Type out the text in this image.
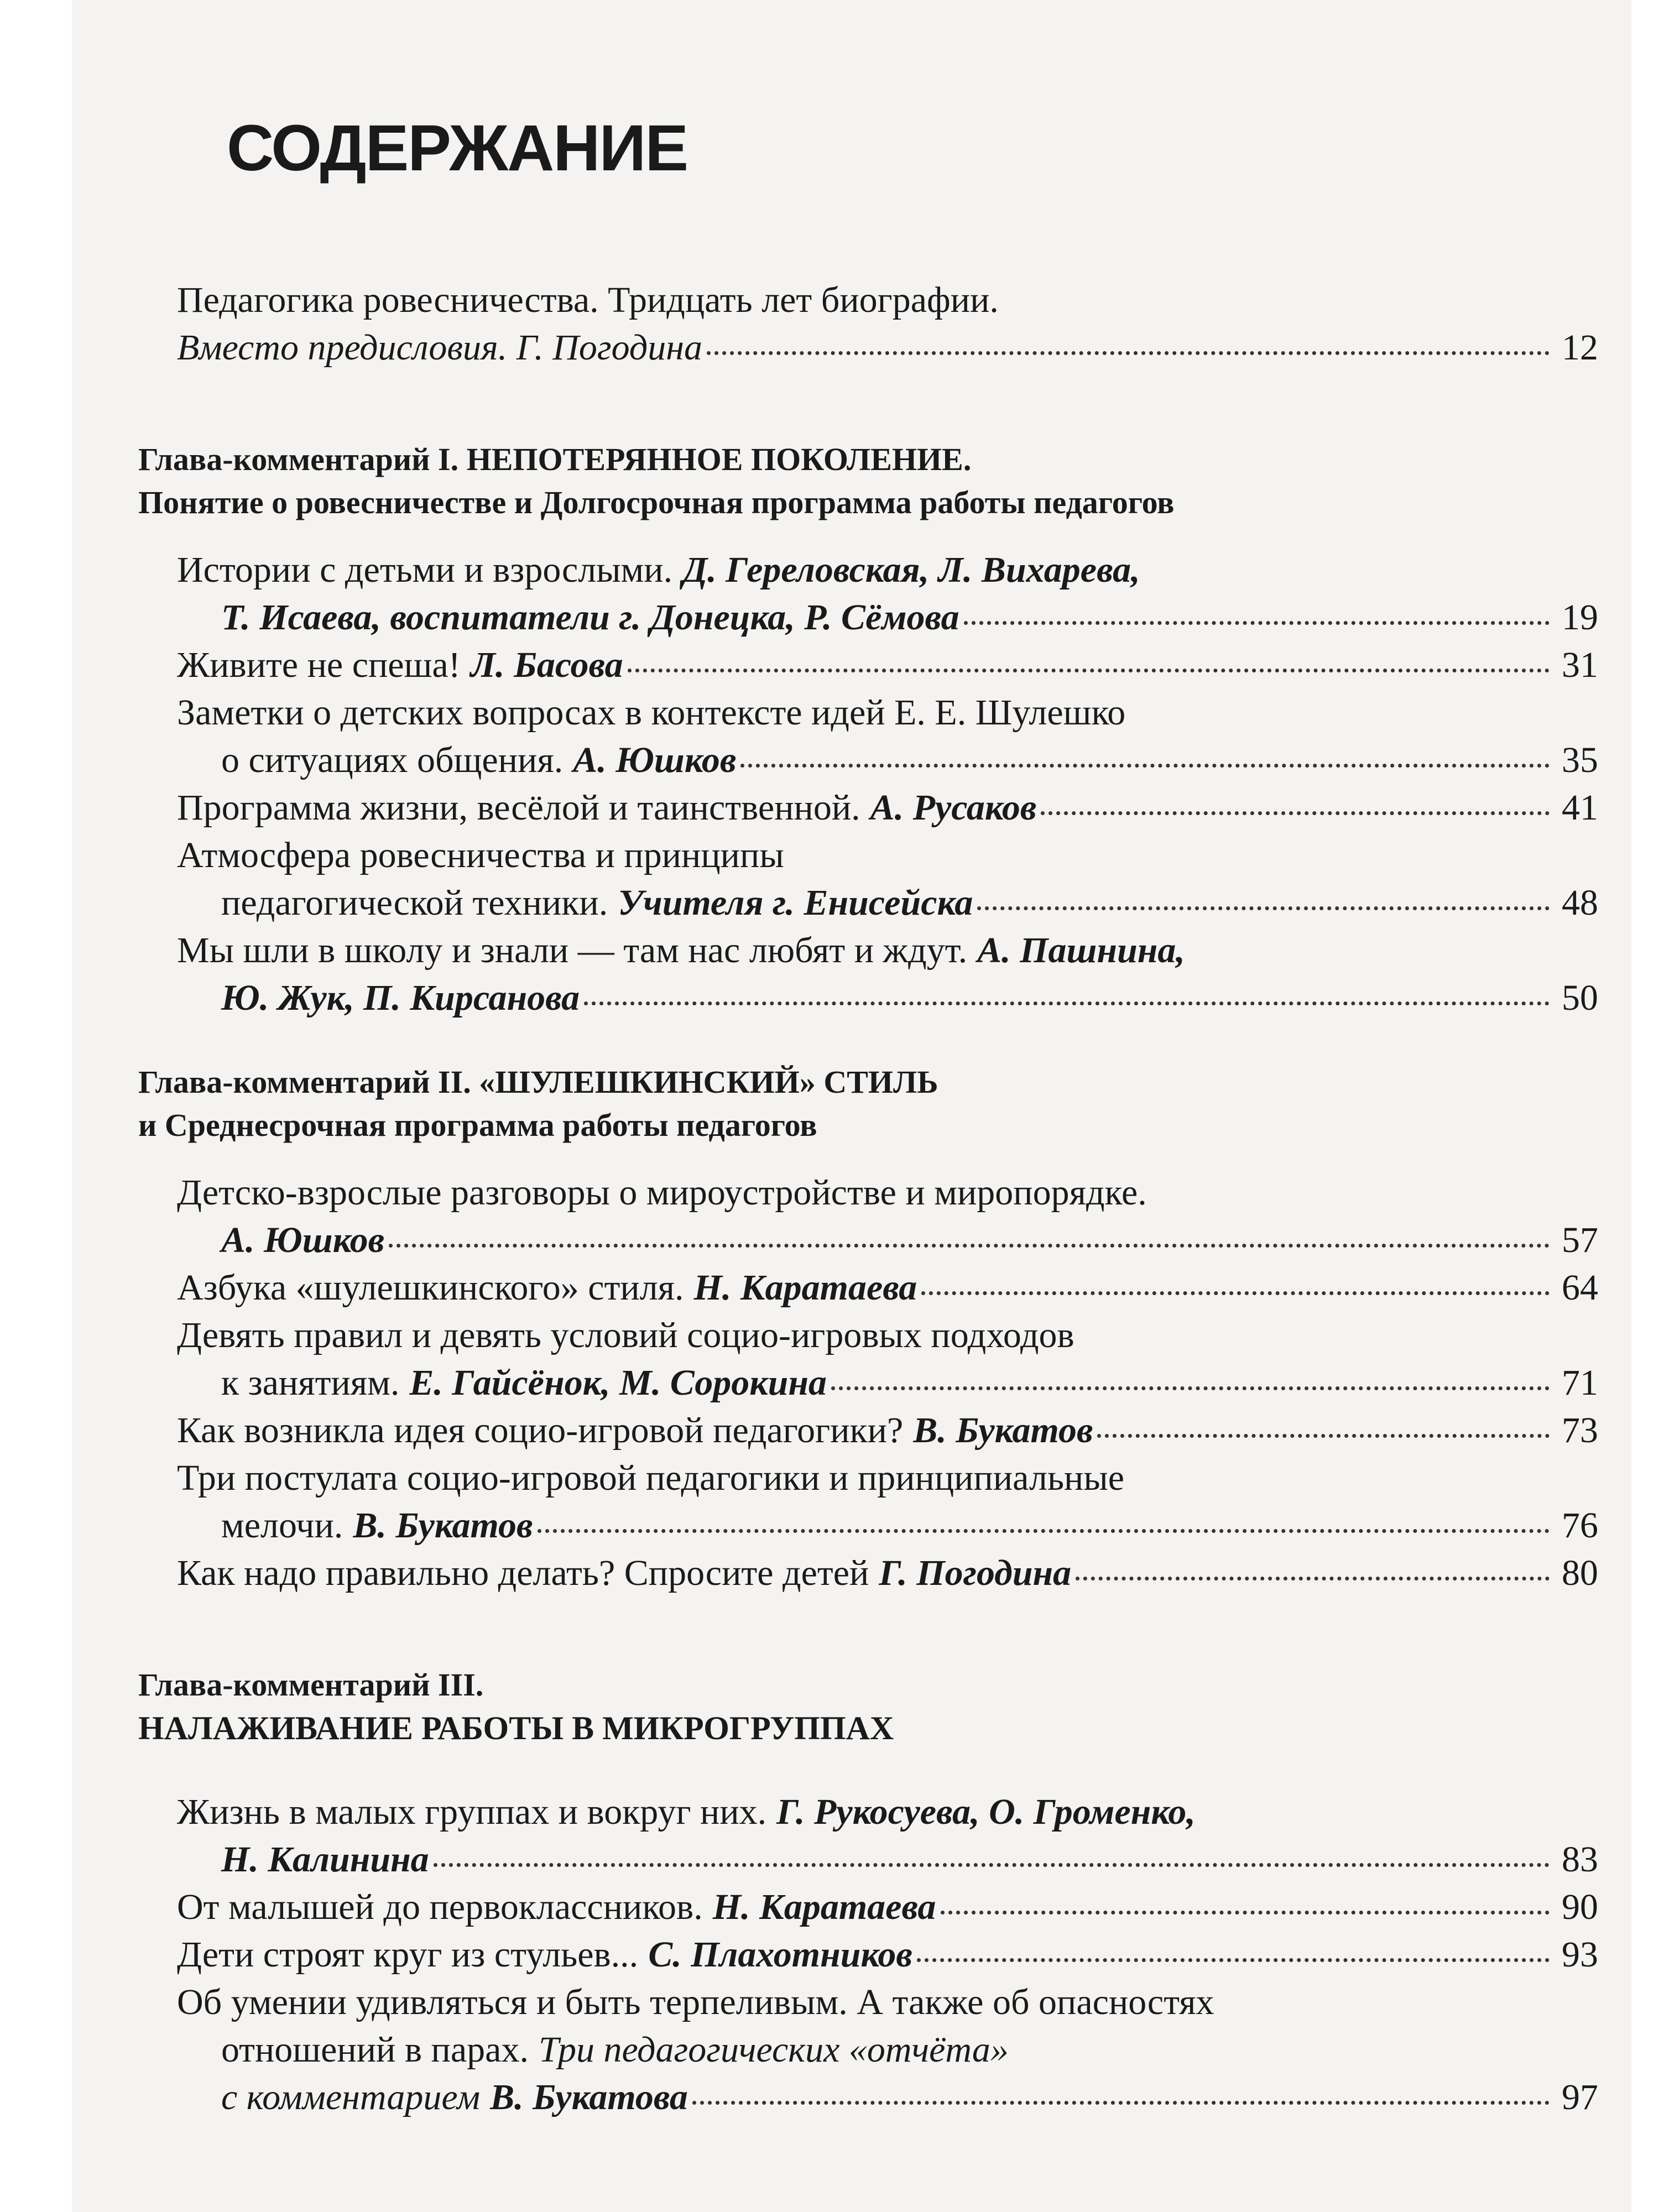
СОДЕРЖАНИЕ
Педагогика ровесничества. Тридцать лет биографии.
Вместо предисловия. Г. Погодина	12
Глава-комментарий I. НЕПОТЕРЯННОЕ ПОКОЛЕНИЕ.
Понятие о ровесничестве и Долгосрочная программа работы педагогов
Истории с детьми и взрослыми. Д. Гереловская, Л. Вихарева,
Т. Исаева, воспитатели г. Донецка, Р. Сёмова	19
Живите не спеша! Л. Басова	31
Заметки о детских вопросах в контексте идей Е. Е. Шулешко
о ситуациях общения. А. Юшков	35
Программа жизни, весёлой и таинственной. А. Русаков	41
Атмосфера ровесничества и принципы
педагогической техники. Учителя г. Енисейска	48
Мы шли в школу и знали — там нас любят и ждут. А. Пашнина,
Ю. Жук, П. Кирсанова	50
Глава-комментарий II. «ШУЛЕШКИНСКИЙ» СТИЛЬ
и Среднесрочная программа работы педагогов
Детско-взрослые разговоры о мироустройстве и миропорядке.
А. Юшков	57
Азбука «шулешкинского» стиля. Н. Каратаева	64
Девять правил и девять условий социо-игровых подходов
к занятиям. Е. Гайсёнок, М. Сорокина	71
Как возникла идея социо-игровой педагогики? В. Букатов	73
Три постулата социо-игровой педагогики и принципиальные
мелочи. В. Букатов	76
Как надо правильно делать? Спросите детей Г. Погодина	80
Глава-комментарий III.
НАЛАЖИВАНИЕ РАБОТЫ В МИКРОГРУППАХ
Жизнь в малых группах и вокруг них. Г. Рукосуева, О. Громенко,
Н. Калинина	83
От малышей до первоклассников. Н. Каратаева	90
Дети строят круг из стульев... С. Плахотников	93
Об умении удивляться и быть терпеливым. А также об опасностях
отношений в парах. Три педагогических «отчёта»
с комментарием В. Букатова	97
